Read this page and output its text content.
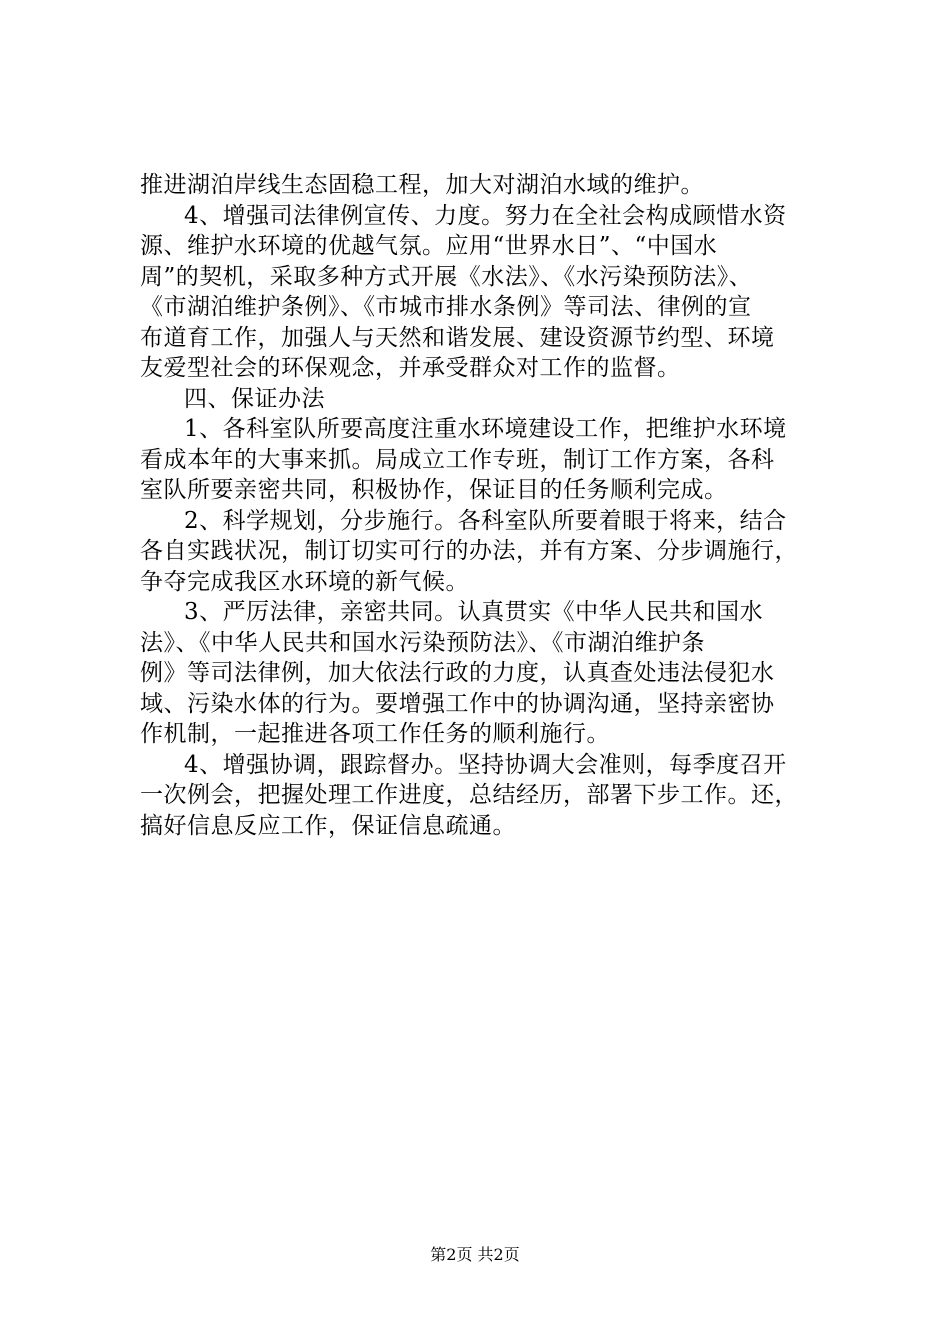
推进湖泊岸线生态固稳工程，加大对湖泊水域的维护。
4、增强司法律例宣传、力度。努力在全社会构成顾惜水资
源、维护水环境的优越气氛。应用“世界水日”、“中国水
周”的契机，采取多种方式开展《水法》、《水污染预防法》、
《市湖泊维护条例》、《市城市排水条例》等司法、律例的宣
布道育工作，加强人与天然和谐发展、建设资源节约型、环境
友爱型社会的环保观念，并承受群众对工作的监督。
四、保证办法
1、各科室队所要高度注重水环境建设工作，把维护水环境
看成本年的大事来抓。局成立工作专班，制订工作方案，各科
室队所要亲密共同，积极协作，保证目的任务顺利完成。
2、科学规划，分步施行。各科室队所要着眼于将来，结合
各自实践状况，制订切实可行的办法，并有方案、分步调施行，
争夺完成我区水环境的新气候。
3、严厉法律，亲密共同。认真贯实《中华人民共和国水
法》、《中华人民共和国水污染预防法》、《市湖泊维护条
例》等司法律例，加大依法行政的力度，认真查处违法侵犯水
域、污染水体的行为。要增强工作中的协调沟通，坚持亲密协
作机制，一起推进各项工作任务的顺利施行。
4、增强协调，跟踪督办。坚持协调大会准则，每季度召开
一次例会，把握处理工作进度，总结经历，部署下步工作。还，
搞好信息反应工作，保证信息疏通。
第2页 共2页
